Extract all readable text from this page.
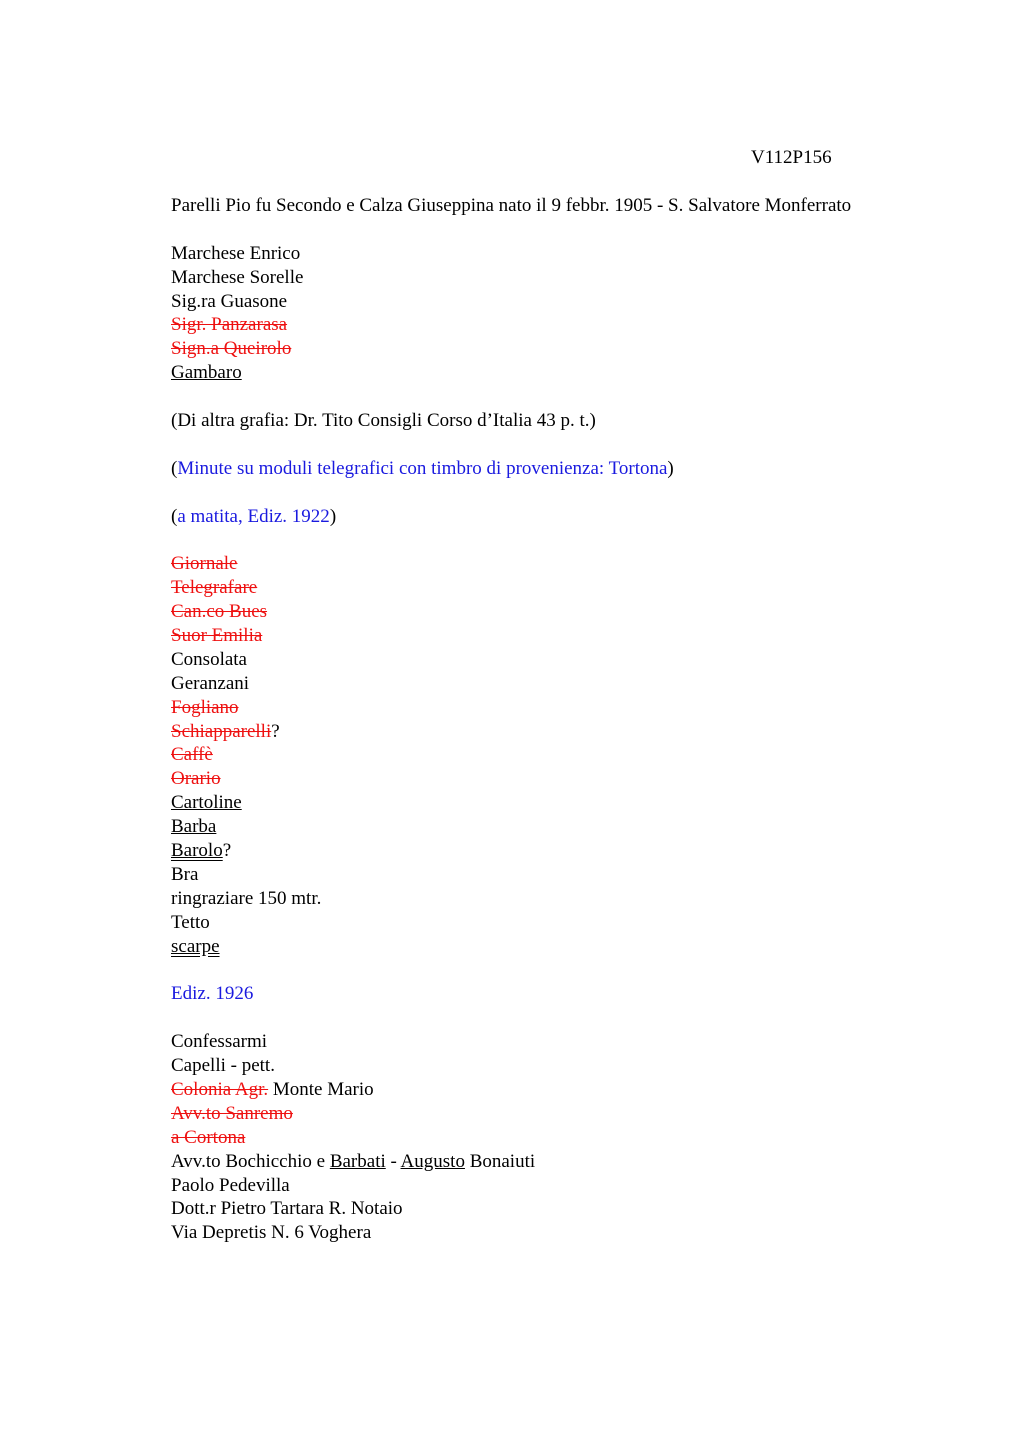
V112P156
Parelli Pio fu Secondo e Calza Giuseppina nato il 9 febbr. 1905 - S. Salvatore Monferrato
Marchese Enrico
Marchese Sorelle
Sig.ra Guasone
Sigr. Panzarasa
Sign.a Queirolo
Gambaro
(Di altra grafia: Dr. Tito Consigli Corso d’Italia 43 p. t.)
(Minute su moduli telegrafici con timbro di provenienza: Tortona)
(a matita, Ediz. 1922)
Giornale
Telegrafare
Can.co Bues
Suor Emilia
Consolata
Geranzani
Fogliano
Schiapparelli?
Caffè
Orario
Cartoline
Barba
Barolo?
Bra
ringraziare 150 mtr.
Tetto
scarpe
Ediz. 1926
Confessarmi
Capelli - pett.
Colonia Agr. Monte Mario
Avv.to Sanremo
a Cortona
Avv.to Bochicchio e Barbati - Augusto Bonaiuti
Paolo Pedevilla
Dott.r Pietro Tartara R. Notaio
Via Depretis N. 6 Voghera
